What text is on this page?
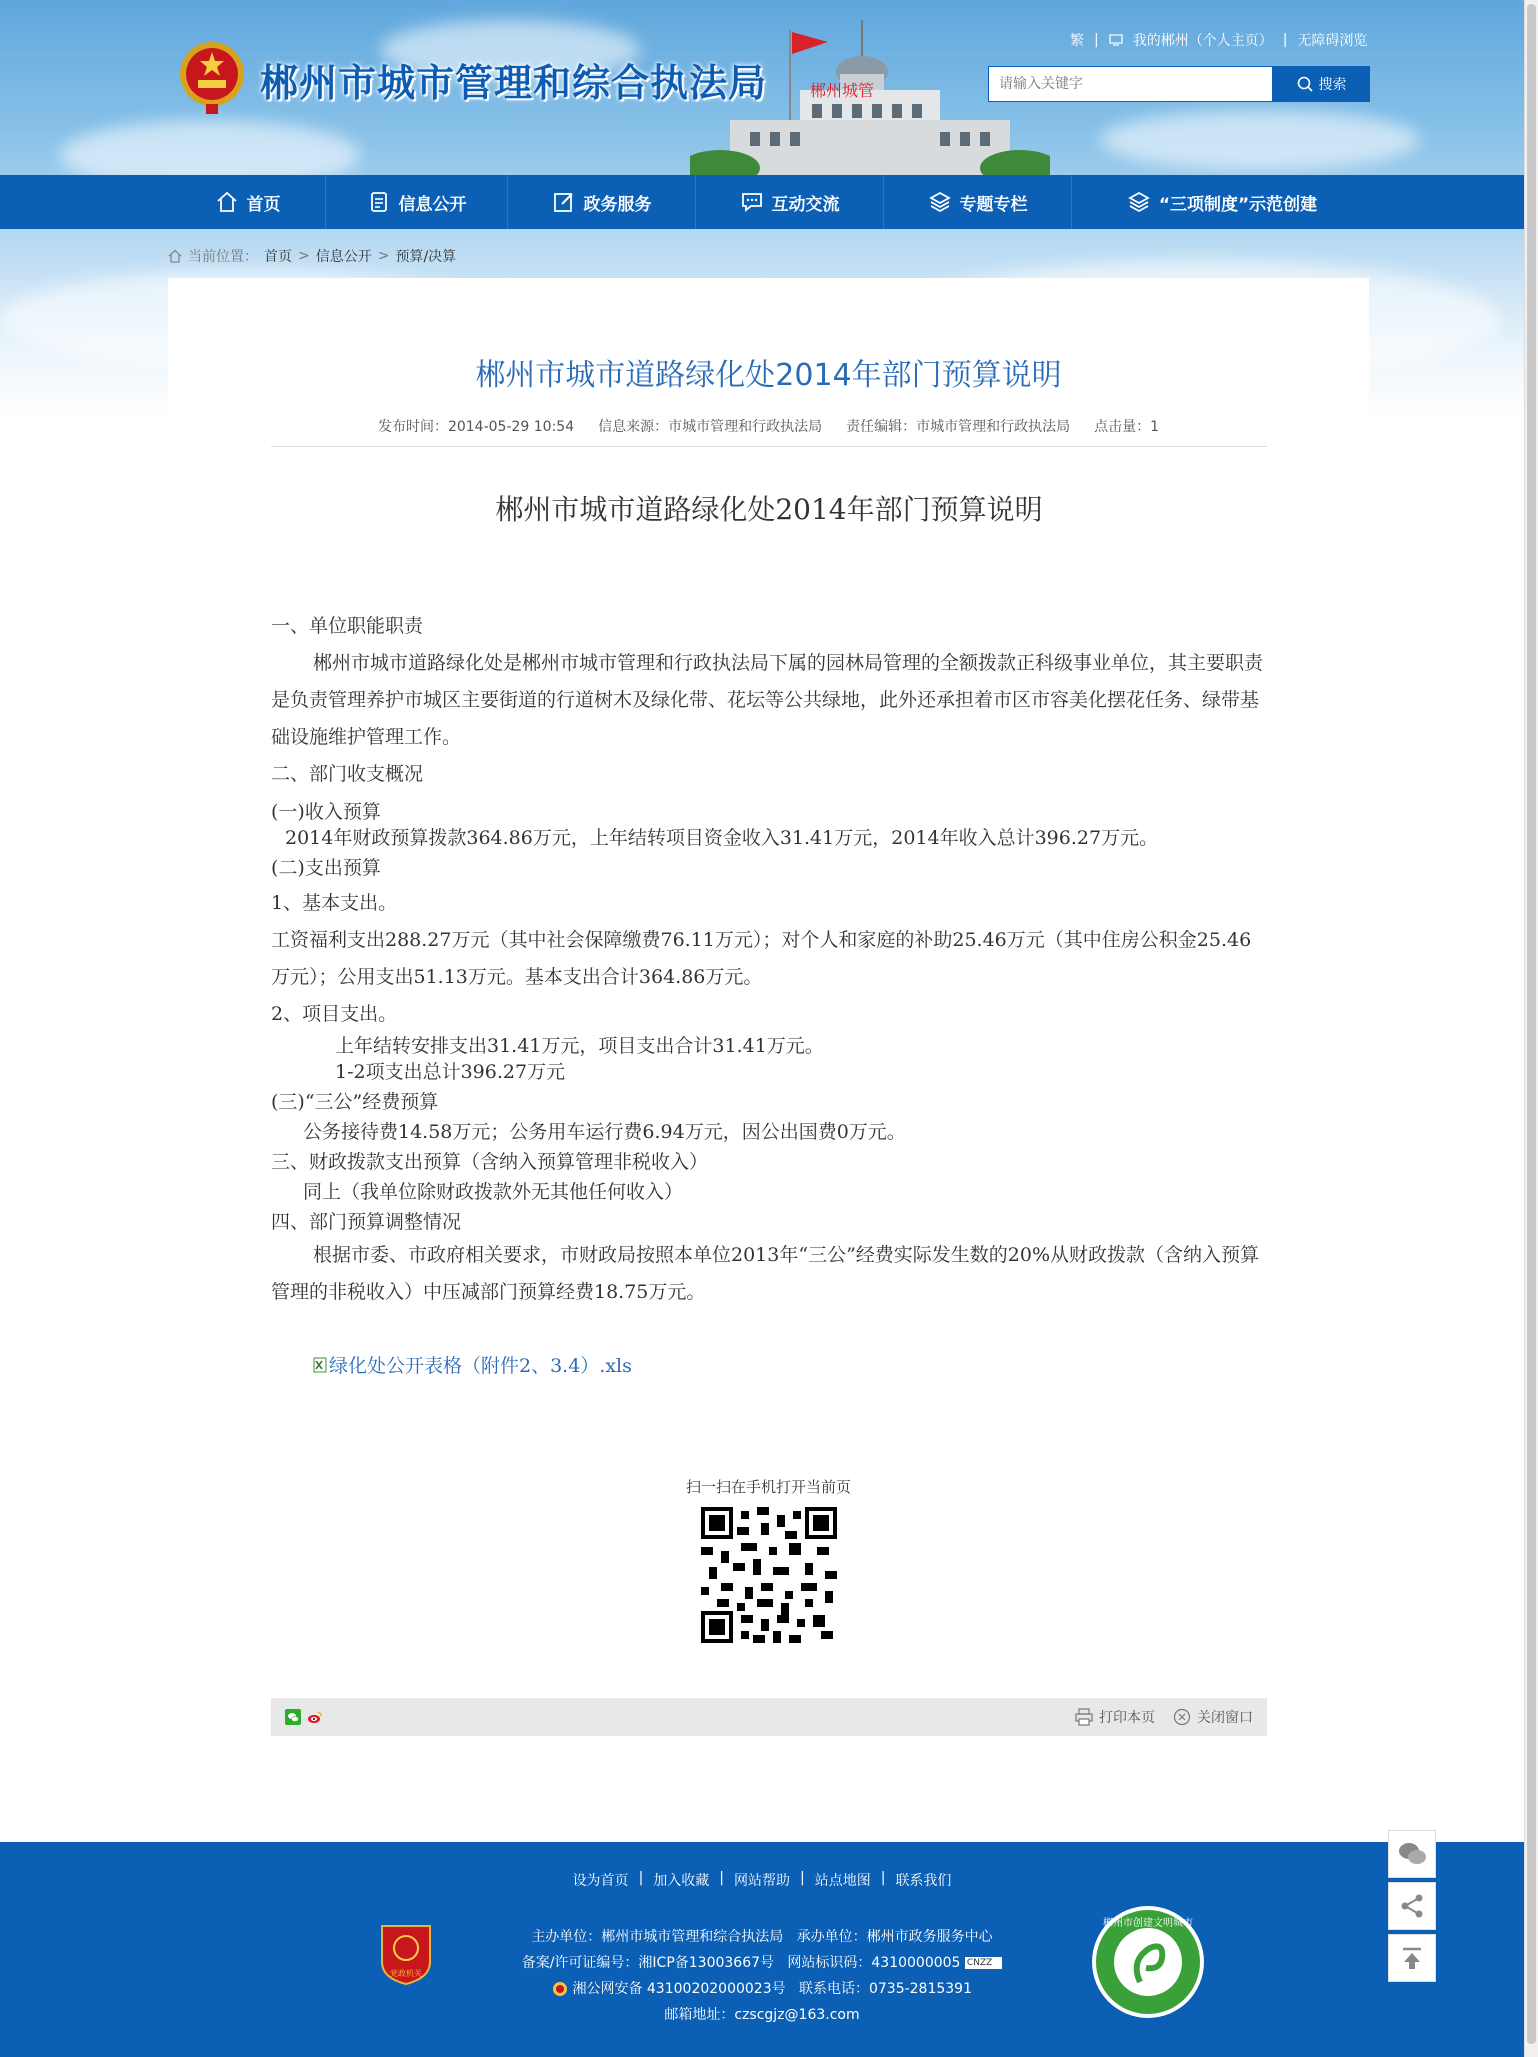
郴州市城市管理和综合执法局	郴州城管
繁 | 我的郴州（个人主页） | 无障碍浏览
请输入关键字
搜索
首页	信息公开	政务服务	互动交流	专题专栏	“三项制度”示范创建
当前位置： 首页 > 信息公开 > 预算/决算
郴州市城市道路绿化处2014年部门预算说明
发布时间：2014-05-29 10:54 信息来源：市城市管理和行政执法局 责任编辑：市城市管理和行政执法局 点击量：1
郴州市城市道路绿化处2014年部门预算说明

一、单位职能职责

郴州市城市道路绿化处是郴州市城市管理和行政执法局下属的园林局管理的全额拨款正科级事业单位，其主要职责是负责管理养护市城区主要街道的行道树木及绿化带、花坛等公共绿地，此外还承担着市区市容美化摆花任务、绿带基础设施维护管理工作。

二、部门收支概况

(一)收入预算

2014年财政预算拨款364.86万元，上年结转项目资金收入31.41万元，2014年收入总计396.27万元。

(二)支出预算

1、基本支出。

工资福利支出288.27万元（其中社会保障缴费76.11万元）；对个人和家庭的补助25.46万元（其中住房公积金25.46万元）；公用支出51.13万元。基本支出合计364.86万元。

2、项目支出。

上年结转安排支出31.41万元，项目支出合计31.41万元。

1-2项支出总计396.27万元

(三)“三公”经费预算

公务接待费14.58万元；公务用车运行费6.94万元，因公出国费0万元。

三、财政拨款支出预算（含纳入预算管理非税收入）

同上（我单位除财政拨款外无其他任何收入）

四、部门预算调整情况

根据市委、市政府相关要求，市财政局按照本单位2013年“三公”经费实际发生数的20%从财政拨款（含纳入预算管理的非税收入）中压减部门预算经费18.75万元。

绿化处公开表格（附件2、3.4）.xls
扫一扫在手机打开当前页
打印本页	关闭窗口
设为首页 | 加入收藏 | 网站帮助 | 站点地图 | 联系我们
党政机关
主办单位：郴州市城市管理和综合执法局 承办单位：郴州市政务服务中心
备案/许可证编号：湘ICP备13003667号 网站标识码：4310000005 CNZZ
湘公网安备 43100202000023号 联系电话：0735-2815391
邮箱地址：czscgjz@163.com
郴州市创建文明城市
